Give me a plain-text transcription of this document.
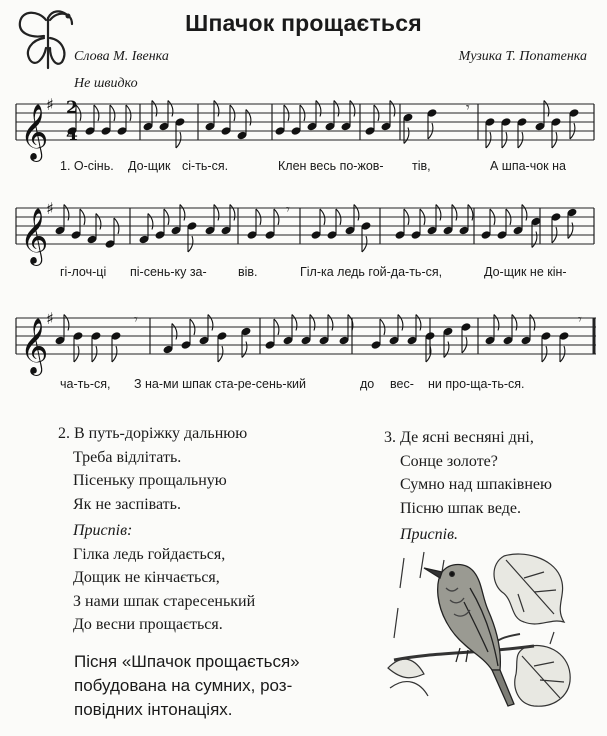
Шпачок прощається
Слова М. Івенка	Музика Т. Попатенка
Не швидко
𝄞
♯
𝄞
♯
𝄞
♯
2
4
𝄾
𝄾
𝄾	𝄾
1. О-сінь. До-щик сі-ть-ся.	Клен весь по-жов- тів,	А шпа-чок на
гі-лоч-ці пі-сень-ку за-	вів.	Гіл-ка ледь гой-да-ть-ся,	До-щик не кін-
ча-ть-ся, З на-ми шпак ста-ре-сень-кий	до вес- ни про-ща-ть-ся.
2. В путь-доріжку дальнюю
Треба відлітать.
Пісеньку прощальную
Як не заспівать.
Приспів:
Гілка ледь гойдається,
Дощик не кінчається,
З нами шпак старесенький
До весни прощається.
3. Де ясні весняні дні,
Сонце золоте?
Сумно над шпаківнею
Пісню шпак веде.
Приспів.
Пісня «Шпачок прощається»
побудована на сумних, роз-
повідних інтонаціях.
